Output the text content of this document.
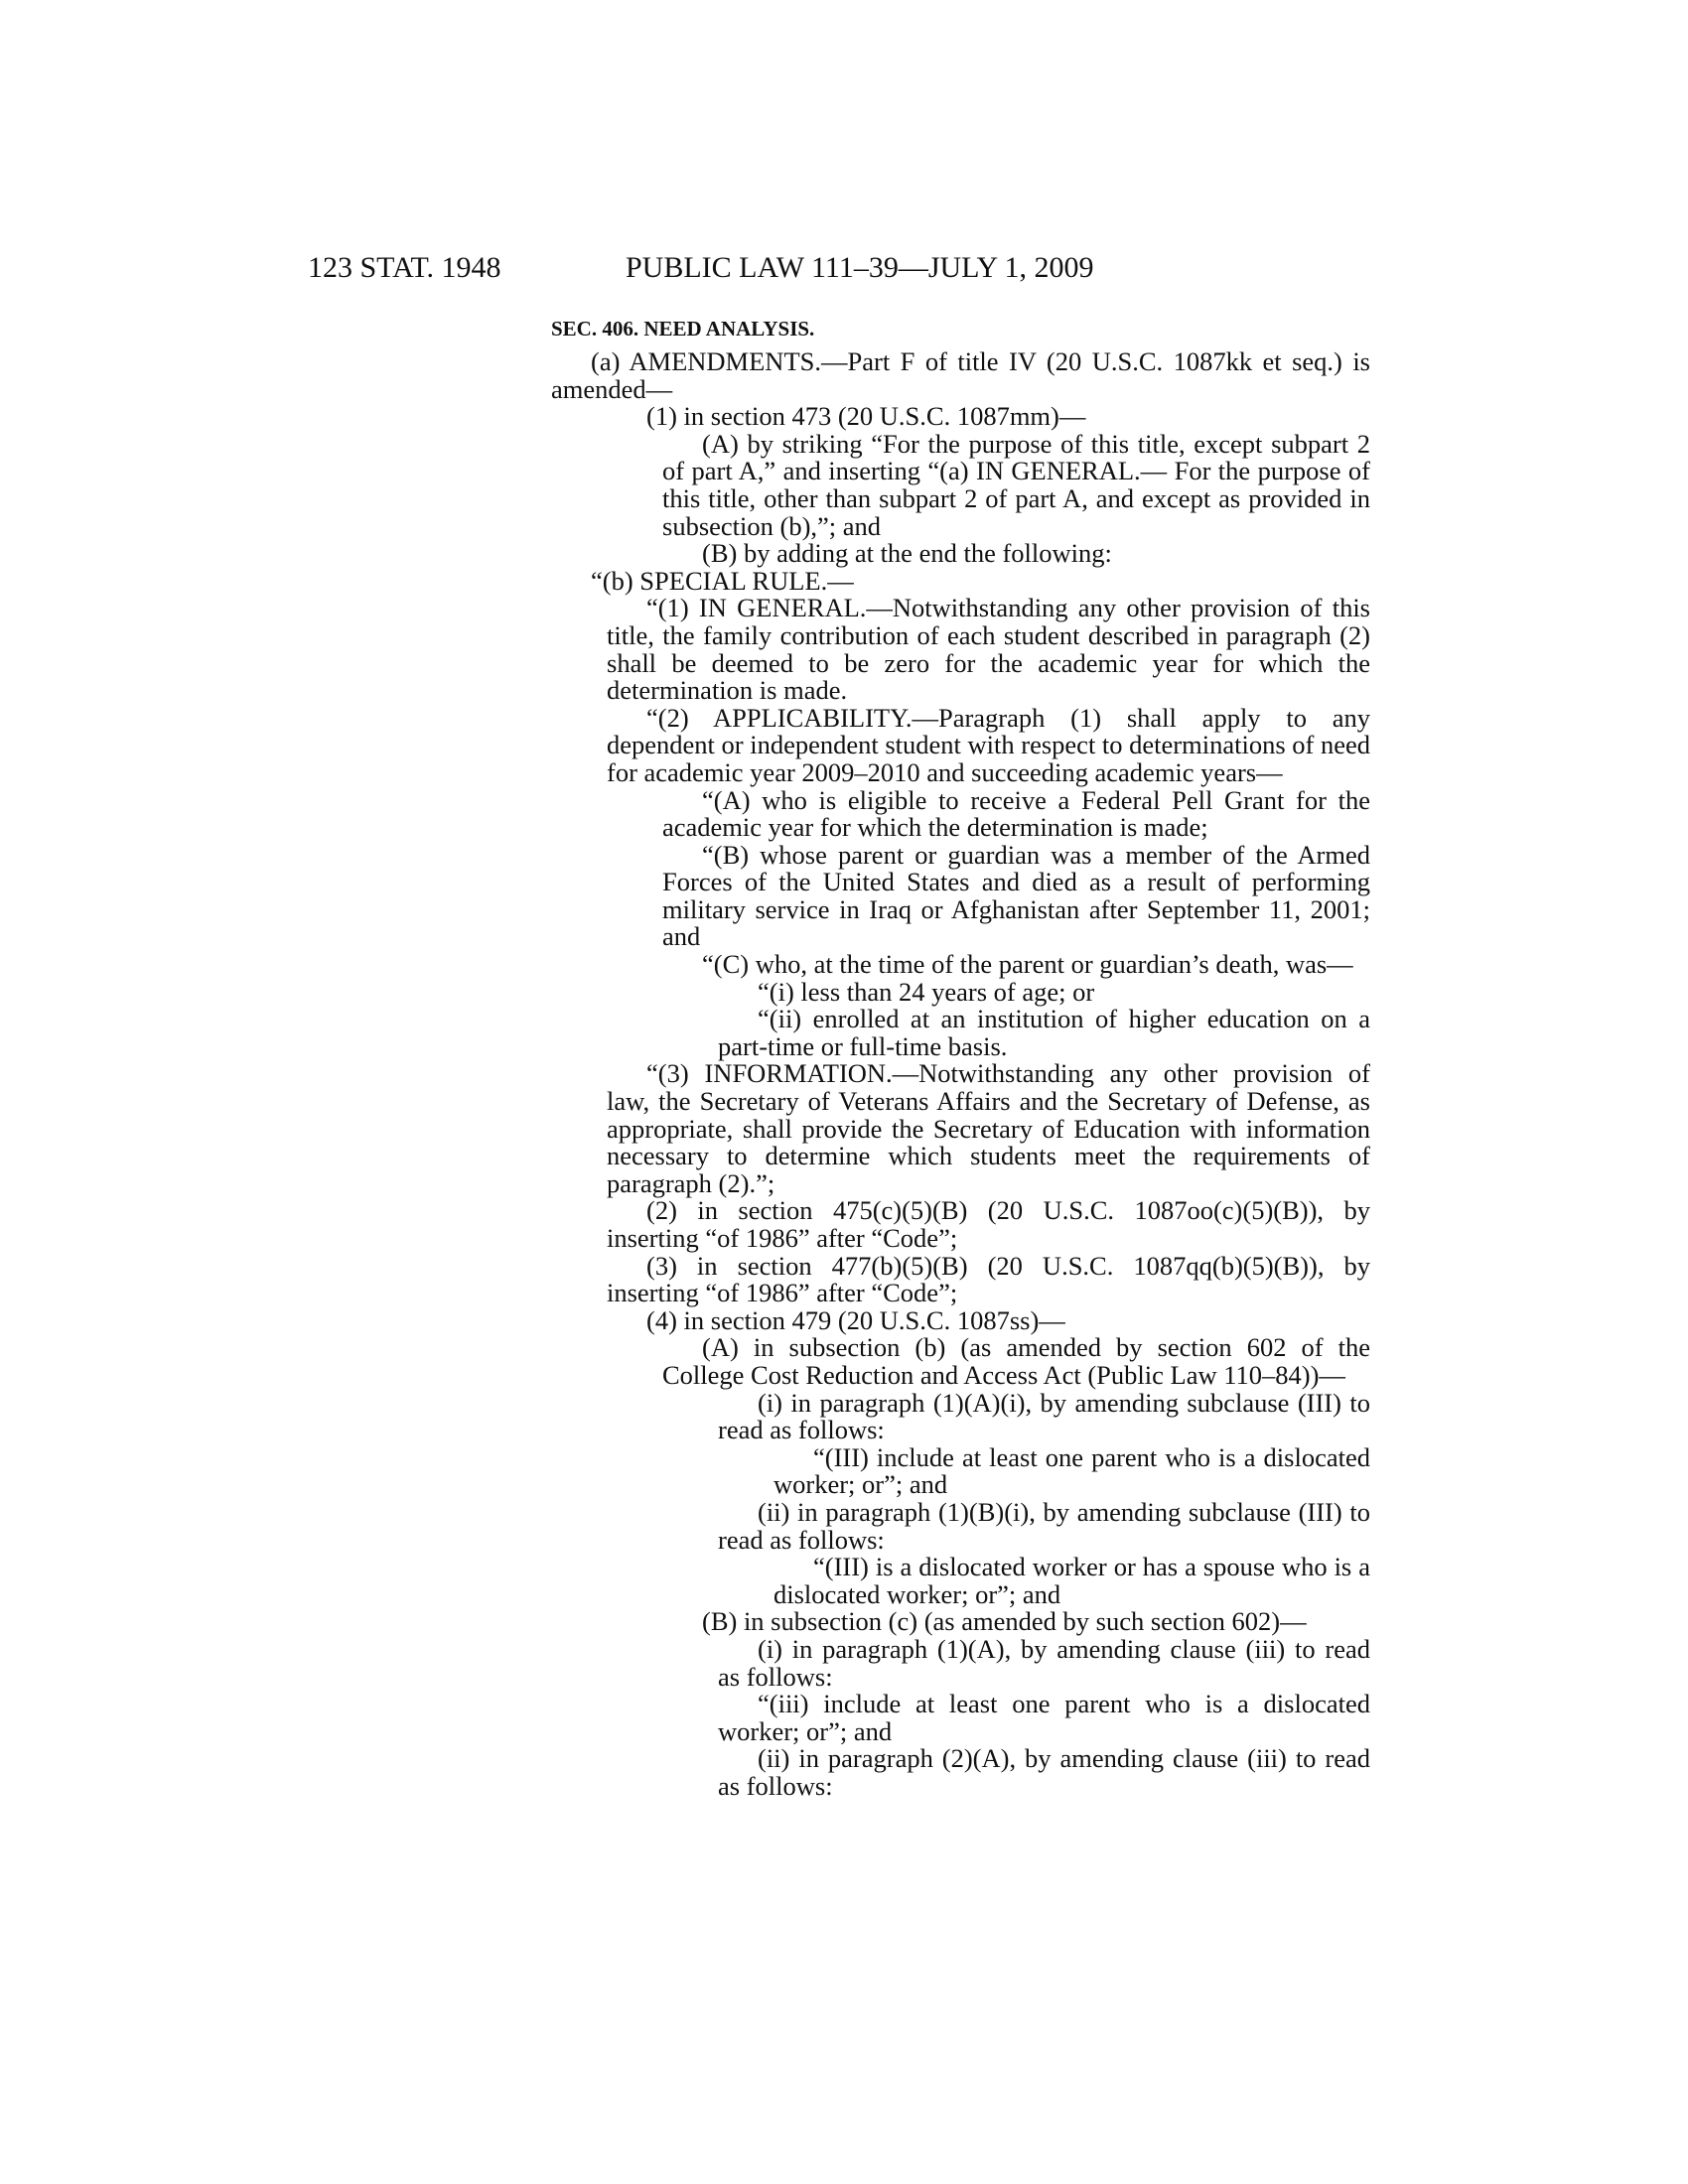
123 STAT. 1948	PUBLIC LAW 111–39—JULY 1, 2009
SEC. 406. NEED ANALYSIS.

(a) AMENDMENTS.—Part F of title IV (20 U.S.C. 1087kk et seq.) is amended—

(1) in section 473 (20 U.S.C. 1087mm)—

(A) by striking “For the purpose of this title, except subpart 2 of part A,” and inserting “(a) IN GENERAL.— For the purpose of this title, other than subpart 2 of part A, and except as provided in subsection (b),”; and

(B) by adding at the end the following:

“(b) SPECIAL RULE.—

“(1) IN GENERAL.—Notwithstanding any other provision of this title, the family contribution of each student described in paragraph (2) shall be deemed to be zero for the academic year for which the determination is made.

“(2) APPLICABILITY.—Paragraph (1) shall apply to any dependent or independent student with respect to determinations of need for academic year 2009–2010 and succeeding academic years—

“(A) who is eligible to receive a Federal Pell Grant for the academic year for which the determination is made;

“(B) whose parent or guardian was a member of the Armed Forces of the United States and died as a result of performing military service in Iraq or Afghanistan after September 11, 2001; and

“(C) who, at the time of the parent or guardian’s death, was—

“(i) less than 24 years of age; or

“(ii) enrolled at an institution of higher education on a part-time or full-time basis.

“(3) INFORMATION.—Notwithstanding any other provision of law, the Secretary of Veterans Affairs and the Secretary of Defense, as appropriate, shall provide the Secretary of Education with information necessary to determine which students meet the requirements of paragraph (2).”;

(2) in section 475(c)(5)(B) (20 U.S.C. 1087oo(c)(5)(B)), by inserting “of 1986” after “Code”;

(3) in section 477(b)(5)(B) (20 U.S.C. 1087qq(b)(5)(B)), by inserting “of 1986” after “Code”;

(4) in section 479 (20 U.S.C. 1087ss)—

(A) in subsection (b) (as amended by section 602 of the College Cost Reduction and Access Act (Public Law 110–84))—

(i) in paragraph (1)(A)(i), by amending subclause (III) to read as follows:

“(III) include at least one parent who is a dislocated worker; or”; and

(ii) in paragraph (1)(B)(i), by amending subclause (III) to read as follows:

“(III) is a dislocated worker or has a spouse who is a dislocated worker; or”; and

(B) in subsection (c) (as amended by such section 602)—

(i) in paragraph (1)(A), by amending clause (iii) to read as follows:

“(iii) include at least one parent who is a dislocated worker; or”; and

(ii) in paragraph (2)(A), by amending clause (iii) to read as follows:
